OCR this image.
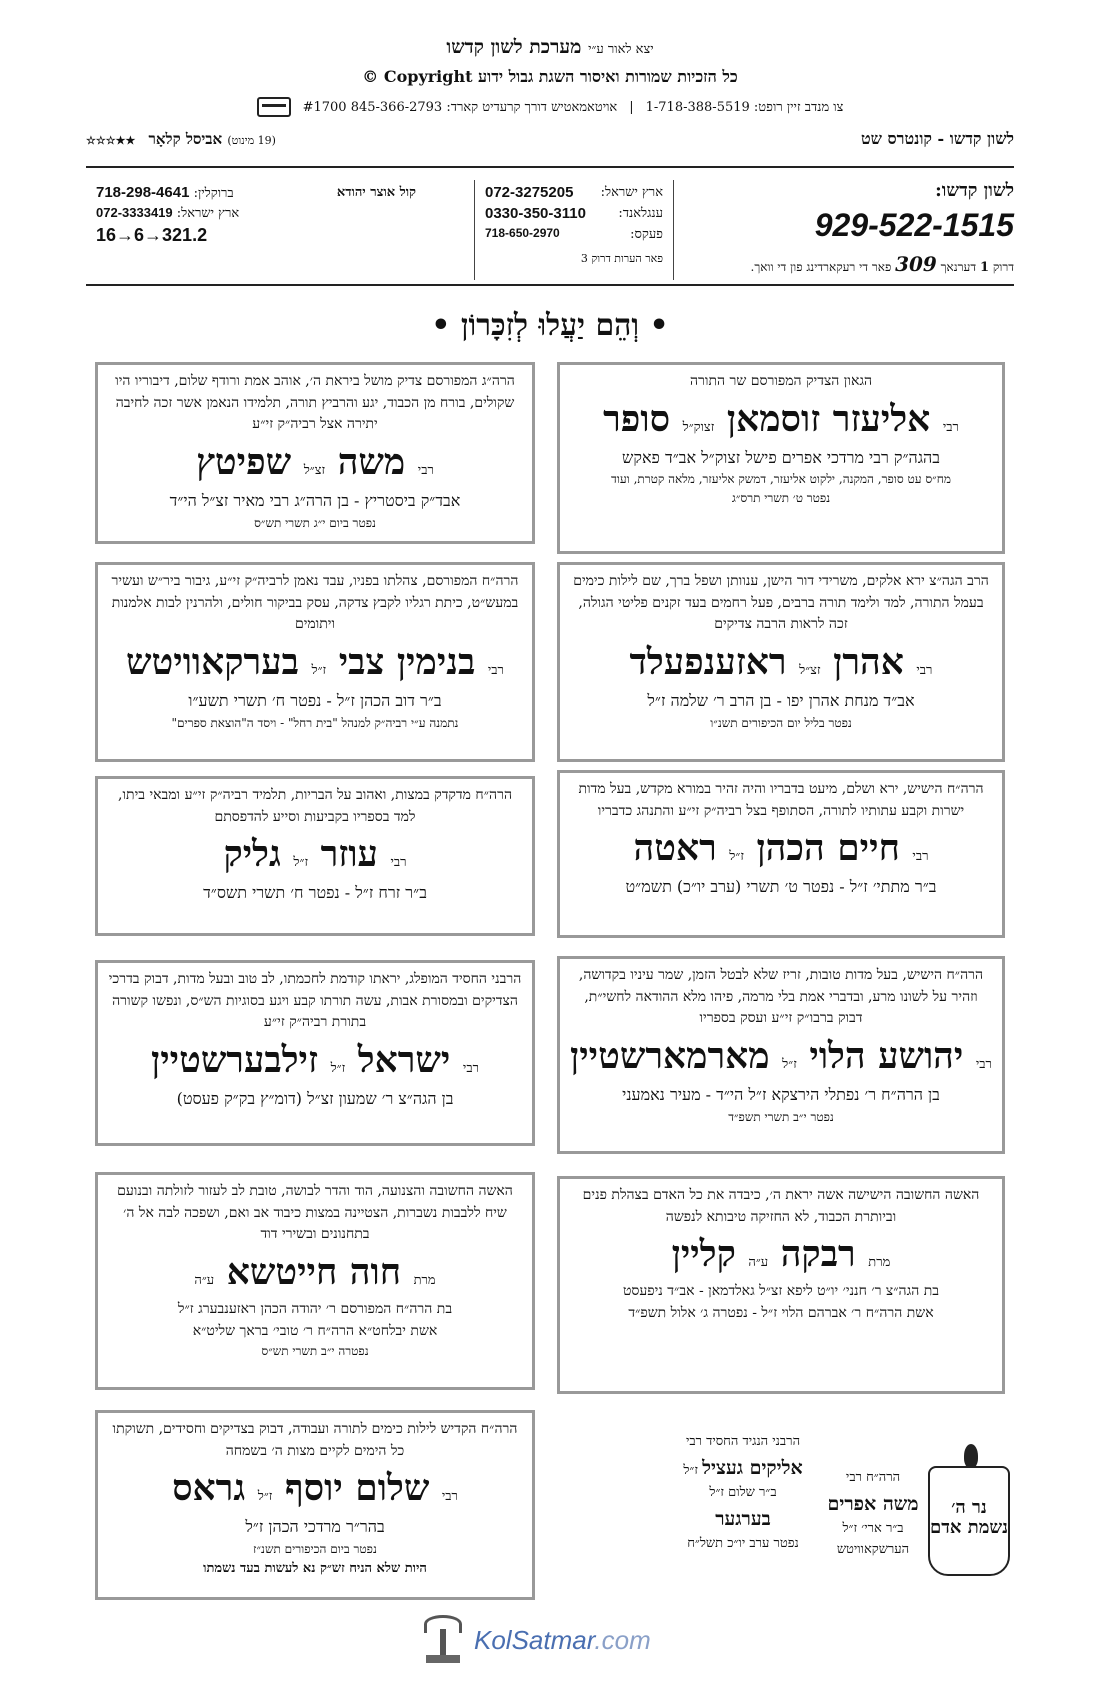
יצא לאור ע״י מערכת לשון קדשו
כל הזכיות שמורות ואיסור השגת גבול ידוע Copyright ©
צו מנדב זיין רופט: 1-718-388-5519
|
אויטאמאטיש דורך קרעדיט קארד: 845-366-2793 #1700
לשון קדשו - קונטרס שט
(19 מינוט) אביסל קלאָר ★★☆☆☆
לשון קדשו:
929-522-1515
דרוק 1 דערנאך 309 פאר די רעקארדינג פון די וואך.
ארץ ישראל:
072-3275205
ענגלאנד:
0330-350-3110
פעקס:
718-650-2970
פאר הערות דרוק 3
קול אוצר יהודא
ברוקלין: 718-298-4641
ארץ ישראל: 072-3333419
16→6→321.2
• וְהֵם יַעֲלוּ לְזִכָּרוֹן •
הגאון הצדיק המפורסם שר התורה
רבי אליעזר זוסמאן זצוק״ל סופר
בהגה״ק רבי מרדכי אפרים פישל זצוק״ל אב״ד פאקש
מח״ס עט סופר, המקנה, ילקוט אליעזר, דמשק אליעזר, מלאה קטרת, ועוד
נפטר ט׳ תשרי תרס״ג
הרה״ג המפורסם צדיק מושל ביראת ה׳, אוהב אמת ורודף שלום, דיבוריו היו שקולים, בורח מן הכבוד, יגע והרביץ תורה, תלמידו הנאמן אשר זכה לחיבה יתירה אצל רביה״ק זי״ע
רבי משה זצ״ל שפיטץ
אבד״ק ביסטריץ - בן הרה״ג רבי מאיר זצ״ל הי״ד
נפטר ביום י״ג תשרי תש״ס
הרב הגה״צ ירא אלקים, משרידי דור הישן, ענוותן ושפל ברך, שם לילות כימים בעמל התורה, למד ולימד תורה ברבים, פעל רחמים בעד זקנים פליטי הגולה, זכה לראות הרבה צדיקים
רבי אהרן זצ״ל ראזענפעלד
אב״ד מנחת אהרן יפו - בן הרב ר׳ שלמה ז״ל
נפטר בליל יום הכיפורים תשנ״ו
הרה״ח המפורסם, צהלתו בפניו, עבד נאמן לרביה״ק זי״ע, גיבור ביר״ש ועשיר במעש״ט, כיתת רגליו לקבץ צדקה, עסק בביקור חולים, ולהרנין לבות אלמנות ויתומים
רבי בנימין צבי ז״ל בערקאוויטש
ב״ר דוב הכהן ז״ל - נפטר ח׳ תשרי תשע״ו
נתמנה ע״י רביה״ק למנהל "בית רחל" - ויסד ה"הוצאת ספרים"
הרה״ח הישיש, ירא ושלם, מיעט בדבריו והיה זהיר במורא מקדש, בעל מדות ישרות וקבע עתותיו לתורה, הסתופף בצל רביה״ק זי״ע והתנהג כדבריו
רבי חיים הכהן ז״ל ראטה
ב״ר מתתי׳ ז״ל - נפטר ט׳ תשרי (ערב יו״כ) תשמ״ט
הרה״ח מדקדק במצות, ואהוב על הבריות, תלמיד רביה״ק זי״ע ומבאי ביתו, למד בספריו בקביעות וסייע להדפסתם
רבי עוזר ז״ל גליק
ב״ר זרח ז״ל - נפטר ח׳ תשרי תשס״ד
הרה״ח הישיש, בעל מדות טובות, זריז שלא לבטל הזמן, שמר עיניו בקדושה, וזהיר על לשונו מרע, ובדברי אמת בלי מרמה, פיהו מלא ההודאה לחשי״ת, דבוק ברבו״ק זי״ע ועסק בספריו
רבי יהושע הלוי ז״ל מארמארשטיין
בן הרה״ח ר׳ נפתלי הירצקא ז״ל הי״ד - מעיר נאמעני
נפטר י״ב תשרי תשפ״ד
הרבני החסיד המופלג, יראתו קודמת לחכמתו, לב טוב ובעל מדות, דבוק בדרכי הצדיקים ובמסורת אבות, עשה תורתו קבע ויגע בסוגיות הש״ס, ונפשו קשורה בתורת רביה״ק זי״ע
רבי ישראל ז״ל זילבערשטיין
בן הגה״צ ר׳ שמעון זצ״ל (דומ״ץ בק״ק פעסט)
האשה החשובה הישישה אשה יראת ה׳, כיבדה את כל האדם בצהלת פנים וביותרת הכבוד, לא החזיקה טיבותא לנפשה
מרת רבקה ע״ה קליין
בת הגה״צ ר׳ חנני׳ יו״ט ליפא זצ״ל גאלדמאן - אב״ד ניפעסט
אשת הרה״ח ר׳ אברהם הלוי ז״ל - נפטרה ג׳ אלול תשפ״ד
האשה החשובה והצנועה, הוד והדר לבושה, טובת לב לעזור לזולתה ובנועם שיח ללבבות נשברות, הצטיינה במצות כיבוד אב ואם, ושפכה לבה אל ה׳ בתחנונים ובשירי דוד
מרת חוה חייטשא ע״ה
בת הרה״ח המפורסם ר׳ יהודה הכהן ראזענבערג ז״ל
אשת יבלחט״א הרה״ח ר׳ טובי׳ בראך שליט״א
נפטרה י״ב תשרי תש״ס
הרה״ח הקדיש לילות כימים לתורה ועבודה, דבוק בצדיקים וחסידים, תשוקתו כל הימים לקיים מצות ה׳ בשמחה
רבי שלום יוסף ז״ל גראס
בהר״ר מרדכי הכהן ז״ל
נפטר ביום הכיפורים תשנ״ז
היות שלא הניח זש״ק נא לעשות בעד נשמתו
הרבני הנגיד החסיד רבי
אליקים געציל ז״ל
ב״ר שלום ז״ל
בערגער
נפטר ערב יו״כ תשל״ח
הרה״ח רבי
משה אפרים
ב״ר ארי׳ ז״ל
הערשקאוויטש
נר ה׳ נשמת אדם
KolSatmar.com
